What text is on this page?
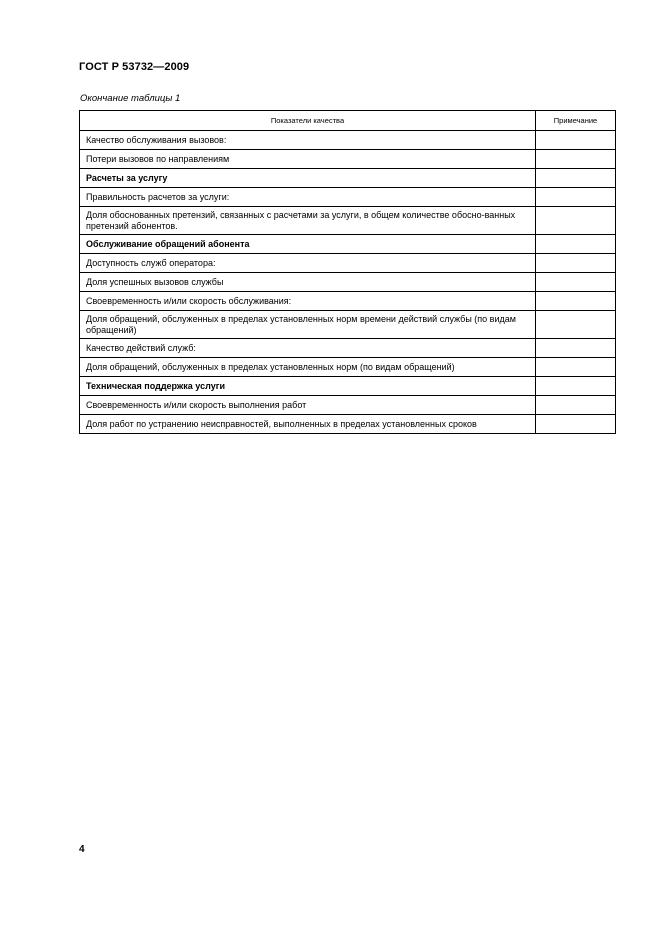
ГОСТ Р 53732—2009
Окончание таблицы 1
Показатели качества	Примечание
Качество обслуживания вызовов:	
Потери вызовов по направлениям	
Расчеты за услугу	
Правильность расчетов за услуги:	
Доля обоснованных претензий, связанных с расчетами за услуги, в общем количестве обосно-ванных претензий абонентов.	
Обслуживание обращений абонента	
Доступность служб оператора:	
Доля успешных вызовов службы	
Своевременность и/или скорость обслуживания:	
Доля обращений, обслуженных в пределах установленных норм времени действий службы (по видам обращений)	
Качество действий служб:	
Доля обращений, обслуженных в пределах установленных норм (по видам обращений)	
Техническая поддержка услуги	
Своевременность и/или скорость выполнения работ	
Доля работ по устранению неисправностей, выполненных в пределах установленных сроков	
4
